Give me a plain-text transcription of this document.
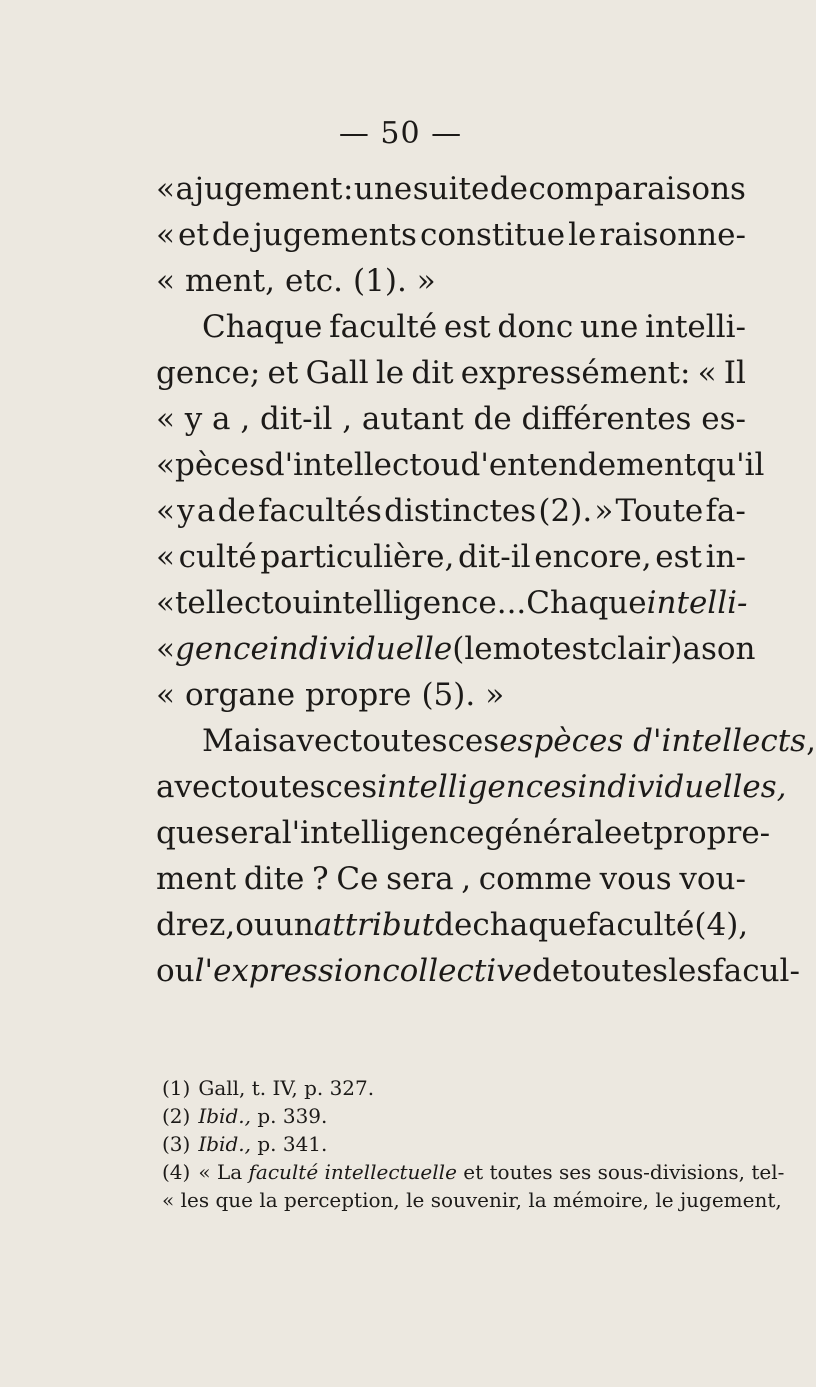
— 50 —
« a jugement : une suite de comparaisons
« et de jugements constitue le raisonne-
« ment, etc. (1). »
Chaque faculté est donc une intelli-
gence; et Gall le dit expressément: « Il
« y a , dit-il , autant de différentes es-
« pèces d'intellect ou d'entendement qu'il
« y a de facultés distinctes (2). » Toute fa-
« culté particulière, dit-il encore, est in-
« tellect ou intelligence... Chaque intelli-
« gence individuelle (le mot est clair) a son
« organe propre (5). »
Mais avec toutes ces espèces d'intellects,
avec toutes ces intelligences individuelles,
que sera l'intelligence générale et propre-
ment dite ? Ce sera , comme vous vou-
drez, ou un attribut de chaque faculté (4),
ou l'expression collective de toutes les facul-
(1) Gall, t. IV, p. 327.
(2) Ibid., p. 339.
(3) Ibid., p. 341.
(4) « La faculté intellectuelle et toutes ses sous-divisions, tel-
« les que la perception, le souvenir, la mémoire, le jugement,
